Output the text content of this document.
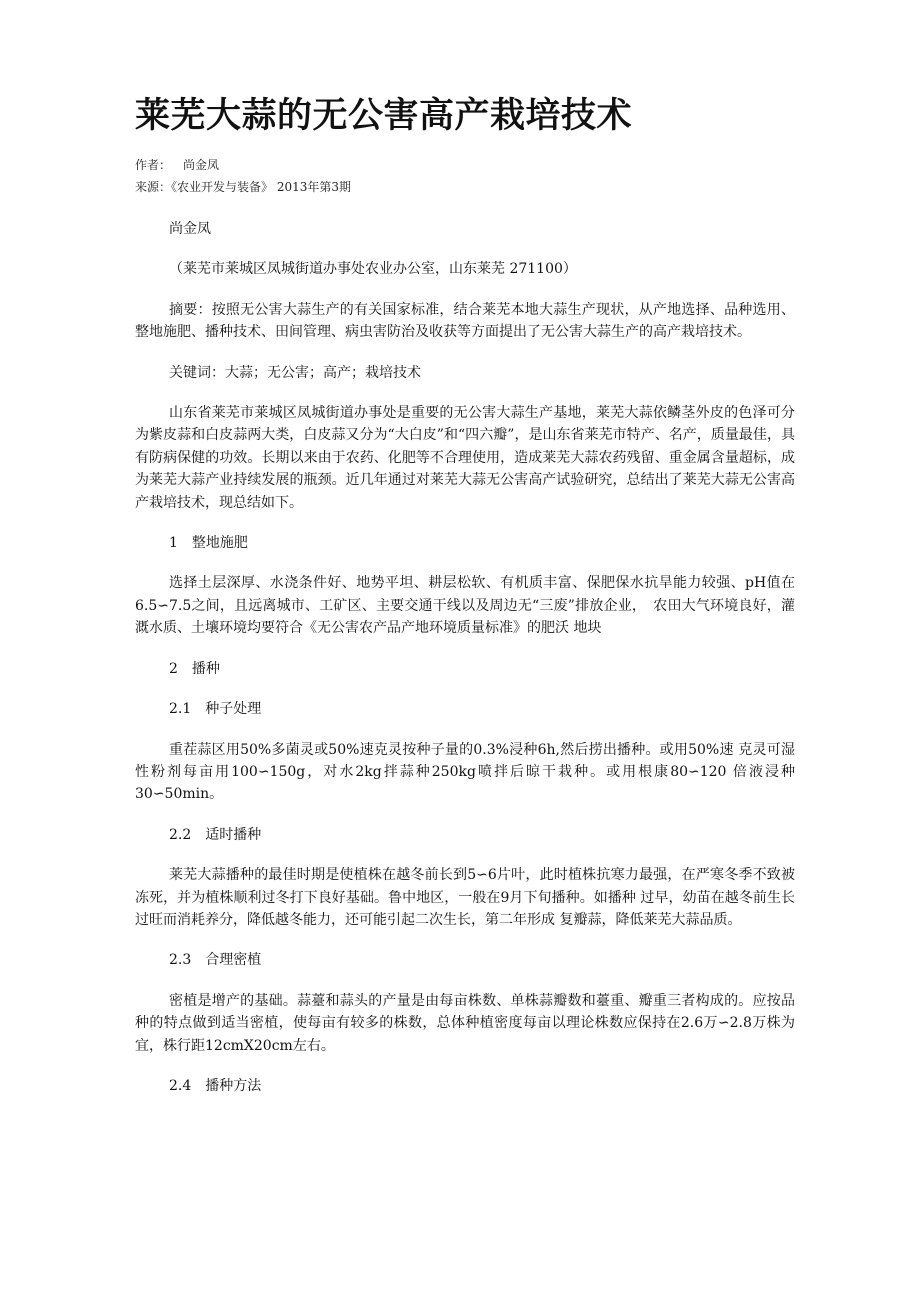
莱芜大蒜的无公害高产栽培技术
作者： 尚金凤
来源：《农业开发与装备》 2013年第3期

尚金凤

（莱芜市莱城区凤城街道办事处农业办公室，山东莱芜 271100）

摘要：按照无公害大蒜生产的有关国家标准，结合莱芜本地大蒜生产现状，从产地选择、品种选用、整地施肥、播种技术、田间管理、病虫害防治及收获等方面提出了无公害大蒜生产的高产栽培技术。

关键词：大蒜；无公害；高产；栽培技术

山东省莱芜市莱城区凤城街道办事处是重要的无公害大蒜生产基地，莱芜大蒜依鳞茎外皮的色泽可分为紫皮蒜和白皮蒜两大类，白皮蒜又分为“大白皮”和“四六瓣”，是山东省莱芜市特产、名产，质量最佳，具有防病保健的功效。长期以来由于农药、化肥等不合理使用，造成莱芜大蒜农药残留、重金属含量超标，成为莱芜大蒜产业持续发展的瓶颈。近几年通过对莱芜大蒜无公害高产试验研究，总结出了莱芜大蒜无公害高产栽培技术，现总结如下。

1　整地施肥

选择土层深厚、水浇条件好、地势平坦、耕层松软、有机质丰富、保肥保水抗旱能力较强、pH值在6.5∽7.5之间，且远离城市、工矿区、主要交通干线以及周边无“三废”排放企业，　农田大气环境良好，灌溉水质、土壤环境均要符合《无公害农产品产地环境质量标准》的肥沃 地块

2　播种

2.1　种子处理

重茬蒜区用50%多菌灵或50%速克灵按种子量的0.3%浸种6h,然后捞出播种。或用50%速 克灵可湿性粉剂每亩用100∽150g，对水2kg拌蒜种250kg喷拌后晾干栽种。或用根康80∽120 倍液浸种30∽50min。

2.2　适时播种

莱芜大蒜播种的最佳时期是使植株在越冬前长到5∽6片叶，此时植株抗寒力最强，在严寒冬季不致被冻死，并为植株顺利过冬打下良好基础。鲁中地区，一般在9月下旬播种。如播种 过早，幼苗在越冬前生长过旺而消耗养分，降低越冬能力，还可能引起二次生长，第二年形成 复瓣蒜，降低莱芜大蒜品质。

2.3　合理密植

密植是增产的基础。蒜薹和蒜头的产量是由每亩株数、单株蒜瓣数和薹重、瓣重三者构成的。应按品种的特点做到适当密植，使每亩有较多的株数，总体种植密度每亩以理论株数应保持在2.6万∽2.8万株为宜，株行距12cmX20cm左右。

2.4　播种方法
